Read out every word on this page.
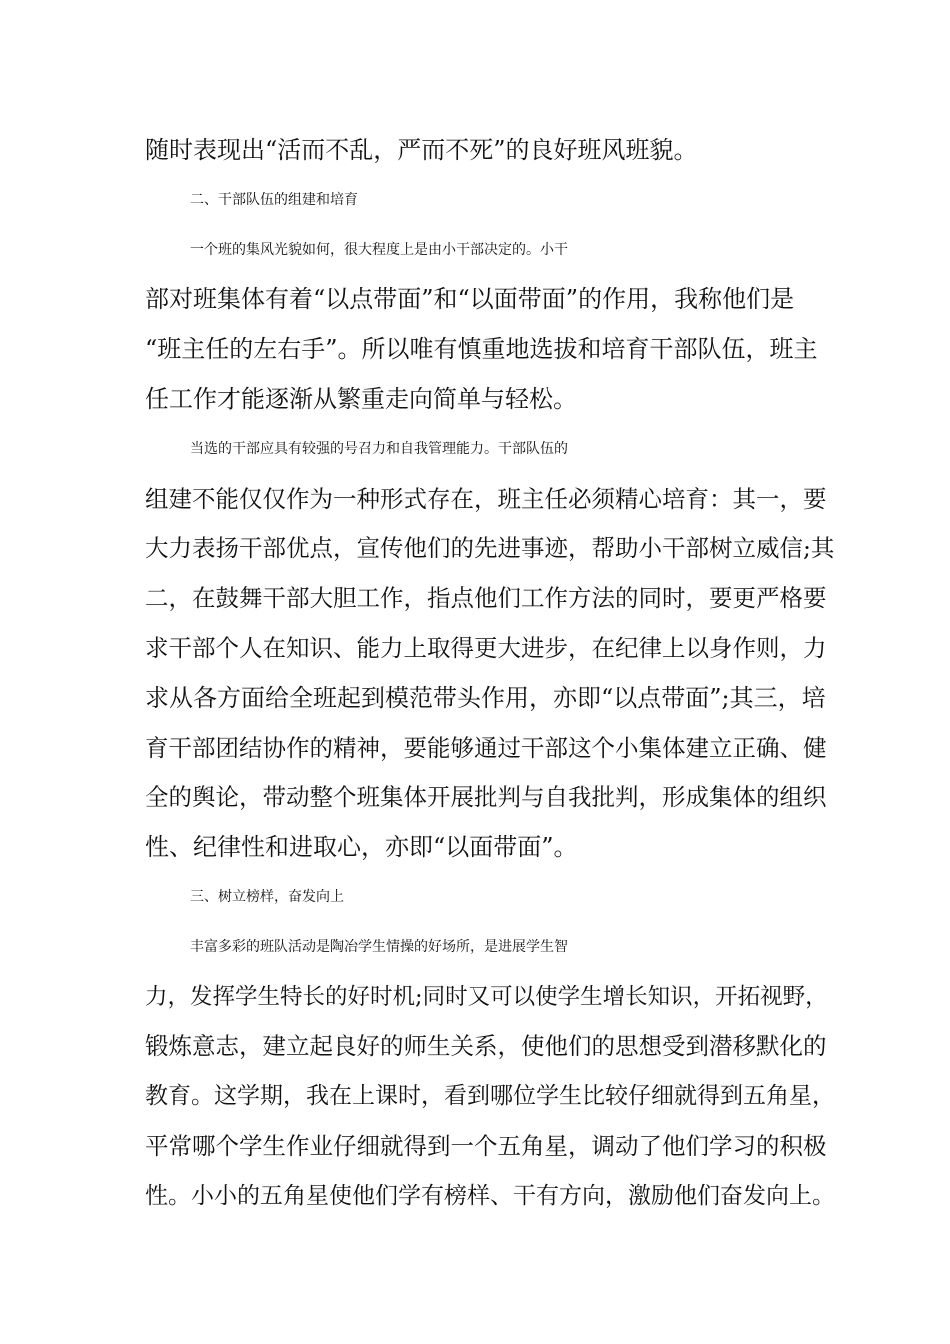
随时表现出“活而不乱，严而不死”的良好班风班貌。
二、干部队伍的组建和培育
一个班的集风光貌如何，很大程度上是由小干部决定的。小干
部对班集体有着“以点带面”和“以面带面”的作用，我称他们是
“班主任的左右手”。所以唯有慎重地选拔和培育干部队伍，班主
任工作才能逐渐从繁重走向简单与轻松。
当选的干部应具有较强的号召力和自我管理能力。干部队伍的
组建不能仅仅作为一种形式存在，班主任必须精心培育：其一，要
大力表扬干部优点，宣传他们的先进事迹，帮助小干部树立威信;其
二，在鼓舞干部大胆工作，指点他们工作方法的同时，要更严格要
求干部个人在知识、能力上取得更大进步，在纪律上以身作则，力
求从各方面给全班起到模范带头作用，亦即“以点带面”;其三，培
育干部团结协作的精神，要能够通过干部这个小集体建立正确、健
全的舆论，带动整个班集体开展批判与自我批判，形成集体的组织
性、纪律性和进取心，亦即“以面带面”。
三、树立榜样，奋发向上
丰富多彩的班队活动是陶冶学生情操的好场所，是进展学生智
力，发挥学生特长的好时机;同时又可以使学生增长知识，开拓视野，
锻炼意志，建立起良好的师生关系，使他们的思想受到潜移默化的
教育。这学期，我在上课时，看到哪位学生比较仔细就得到五角星，
平常哪个学生作业仔细就得到一个五角星，调动了他们学习的积极
性。小小的五角星使他们学有榜样、干有方向，激励他们奋发向上。
